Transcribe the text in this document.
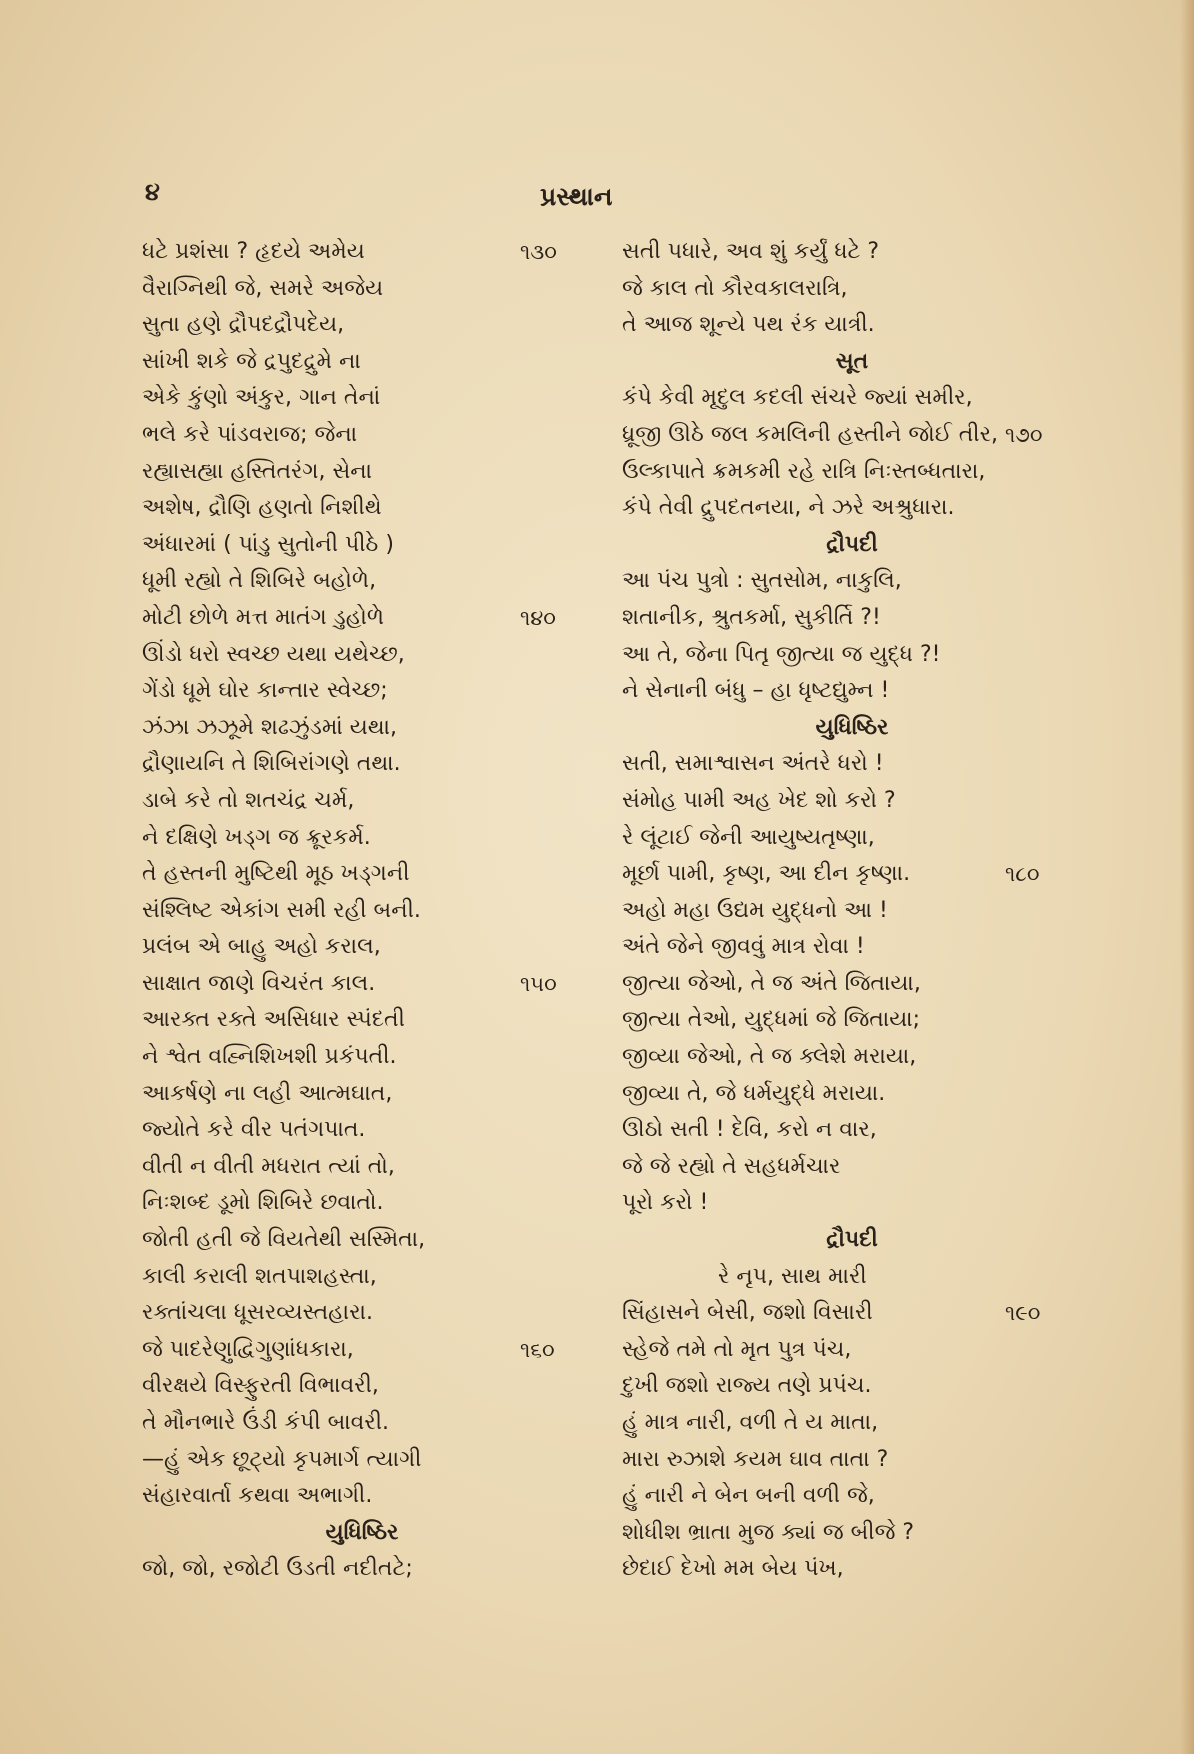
૪	પ્રસ્થાન
ધટે પ્રશંસા ? હૃદયે અમેય	૧૩૦
વૈરાગ્નિથી જે, સમરે અજેય
સુતા હણે દ્રૌપદદ્રૌપદેય,
સાંખી શકે જે દ્રપુદદ્રુમે ના
એકે કુંણો અંકુર, ગાન તેનાં
ભલે કરે પાંડવરાજ; જેના
રહ્યાસહ્યા હસ્તિતરંગ, સેના
અશેષ, દ્રૌણિ હણતો નિશીથે
અંધારમાં ( પાંડુ સુતોની પીઠે )
ધૂમી રહ્યો તે શિબિરે બહોળે,
મોટી છોળે મત્ત માતંગ ડુહોળે	૧૪૦
ઊંડો ધરો સ્વચ્છ યથા યથેચ્છ,
ગેંડો ધૂમે ઘોર કાન્તાર સ્વેચ્છ;
ઝંઝા ઝઝૂમે શઢઝુંડમાં યથા,
દ્રૌણાયનિ તે શિબિરાંગણે તથા.
ડાબે કરે તો શતચંદ્ર ચર્મ,
ને દક્ષિણે ખડ્ગ જ ક્રૂરકર્મ.
તે હસ્તની મુષ્ટિથી મૂઠ ખડ્ગની
સંશ્લિષ્ટ એકાંગ સમી રહી બની.
પ્રલંબ એ બાહુ અહો કરાલ,
સાક્ષાત જાણે વિચરંત કાલ.	૧૫૦
આરક્ત રક્તે અસિધાર સ્પંદતી
ને શ્વેત વહ્નિશિખશી પ્રકંપતી.
આકર્ષણે ના લહી આત્મઘાત,
જ્યોતે કરે વીર પતંગપાત.
વીતી ન વીતી મધરાત ત્યાં તો,
નિઃશબ્દ ડૂમો શિબિરે છવાતો.
જોતી હતી જે વિયતેથી સસ્મિતા,
કાલી કરાલી શતપાશહસ્તા,
રક્તાંચલા ધૂસરવ્યસ્તહારા.
જે પાદરેણુદ્વિગુણાંધકારા,	૧૬૦
વીરક્ષયે વિસ્ફુરતી વિભાવરી,
તે મૌનભારે ઉંડી કંપી બાવરી.
—હું એક છૂટ્યો કૃપમાર્ગ ત્યાગી
સંહારવાર્તા કથવા અભાગી.
યુધિષ્ઠિર
જો, જો, રજોટી ઉડતી નદીતટે;
સતી પધારે, અવ શું કર્યું ધટે ?
જે કાલ તો કૌરવકાલરાત્રિ,
તે આજ શૂન્યે પથ રંક યાત્રી.
સૂત
કંપે કેવી મૃદુલ કદલી સંચરે જ્યાં સમીર,
ધ્રૂજી ઊઠે જલ કમલિની હસ્તીને જોઈ તીર, ૧૭૦
ઉલ્કાપાતે ક્રમકમી રહે રાત્રિ નિઃસ્તબ્ધતારા,
કંપે તેવી દ્રુપદતનયા, ને ઝરે અશ્રુધારા.
દ્રૌપદી
આ પંચ પુત્રો : સુતસોમ, નાકુલિ,
શતાનીક, શ્રુતકર્મા, સુકીર્તિ ?!
આ તે, જેના પિતૃ જીત્યા જ યુદ્ધ ?!
ને સેનાની બંધુ – હા ધૃષ્ટદ્યુમ્ન !
યુધિષ્ઠિર
સતી, સમાશ્વાસન અંતરે ધરો !
સંમોહ પામી અહ ખેદ શો કરો ?
રે લૂંટાઈ જેની આયુષ્યતૃષ્ણા,
મૂર્છા પામી, કૃષ્ણ, આ દીન કૃષ્ણા.	૧૮૦
અહો મહા ઉદ્યમ યુદ્ધનો આ !
અંતે જેને જીવવું માત્ર રોવા !
જીત્યા જેઓ, તે જ અંતે જિતાયા,
જીત્યા તેઓ, યુદ્ધમાં જે જિતાયા;
જીવ્યા જેઓ, તે જ ક્લેશે મરાયા,
જીવ્યા તે, જે ધર્મયુદ્ધે મરાયા.
ઊઠો સતી ! દેવિ, કરો ન વાર,
જે જે રહ્યો તે સહધર્મચાર
પૂરો કરો !
દ્રૌપદી
રે નૃપ, સાથ મારી
સિંહાસને બેસી, જશો વિસારી	૧૯૦
સ્હેજે તમે તો મૃત પુત્ર પંચ,
દુખી જશો રાજ્ય તણે પ્રપંચ.
હું માત્ર નારી, વળી તે ય માતા,
મારા રુઝાશે કયમ ઘાવ તાતા ?
હું નારી ને બેન બની વળી જે,
શોધીશ ભ્રાતા મુજ ક્યાં જ બીજે ?
છેદાઈ દેખો મમ બેય પંખ,
